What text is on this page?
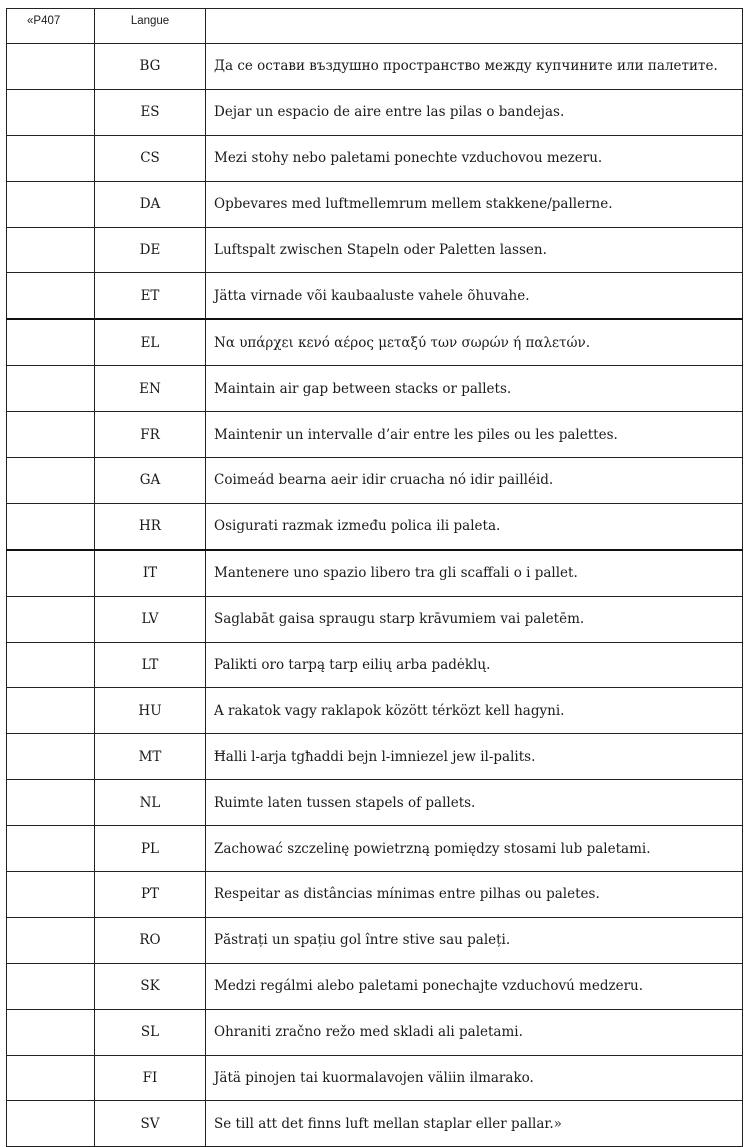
«P407	Langue	
	BG	Да се остави въздушно пространство между купчините или палетите.
	ES	Dejar un espacio de aire entre las pilas o bandejas.
	CS	Mezi stohy nebo paletami ponechte vzduchovou mezeru.
	DA	Opbevares med luftmellemrum mellem stakkene/pallerne.
	DE	Luftspalt zwischen Stapeln oder Paletten lassen.
	ET	Jätta virnade või kaubaaluste vahele õhuvahe.
	EL	Να υπάρχει κενό αέρος μεταξύ των σωρών ή παλετών.
	EN	Maintain air gap between stacks or pallets.
	FR	Maintenir un intervalle d’air entre les piles ou les palettes.
	GA	Coimeád bearna aeir idir cruacha nó idir pailléid.
	HR	Osigurati razmak između polica ili paleta.
	IT	Mantenere uno spazio libero tra gli scaffali o i pallet.
	LV	Saglabāt gaisa spraugu starp krāvumiem vai paletēm.
	LT	Palikti oro tarpą tarp eilių arba padėklų.
	HU	A rakatok vagy raklapok között térközt kell hagyni.
	MT	Ħalli l-arja tgħaddi bejn l-imniezel jew il-palits.
	NL	Ruimte laten tussen stapels of pallets.
	PL	Zachować szczelinę powietrzną pomiędzy stosami lub paletami.
	PT	Respeitar as distâncias mínimas entre pilhas ou paletes.
	RO	Păstrați un spațiu gol între stive sau paleți.
	SK	Medzi regálmi alebo paletami ponechajte vzduchovú medzeru.
	SL	Ohraniti zračno režo med skladi ali paletami.
	FI	Jätä pinojen tai kuormalavojen väliin ilmarako.
	SV	Se till att det finns luft mellan staplar eller pallar.»
